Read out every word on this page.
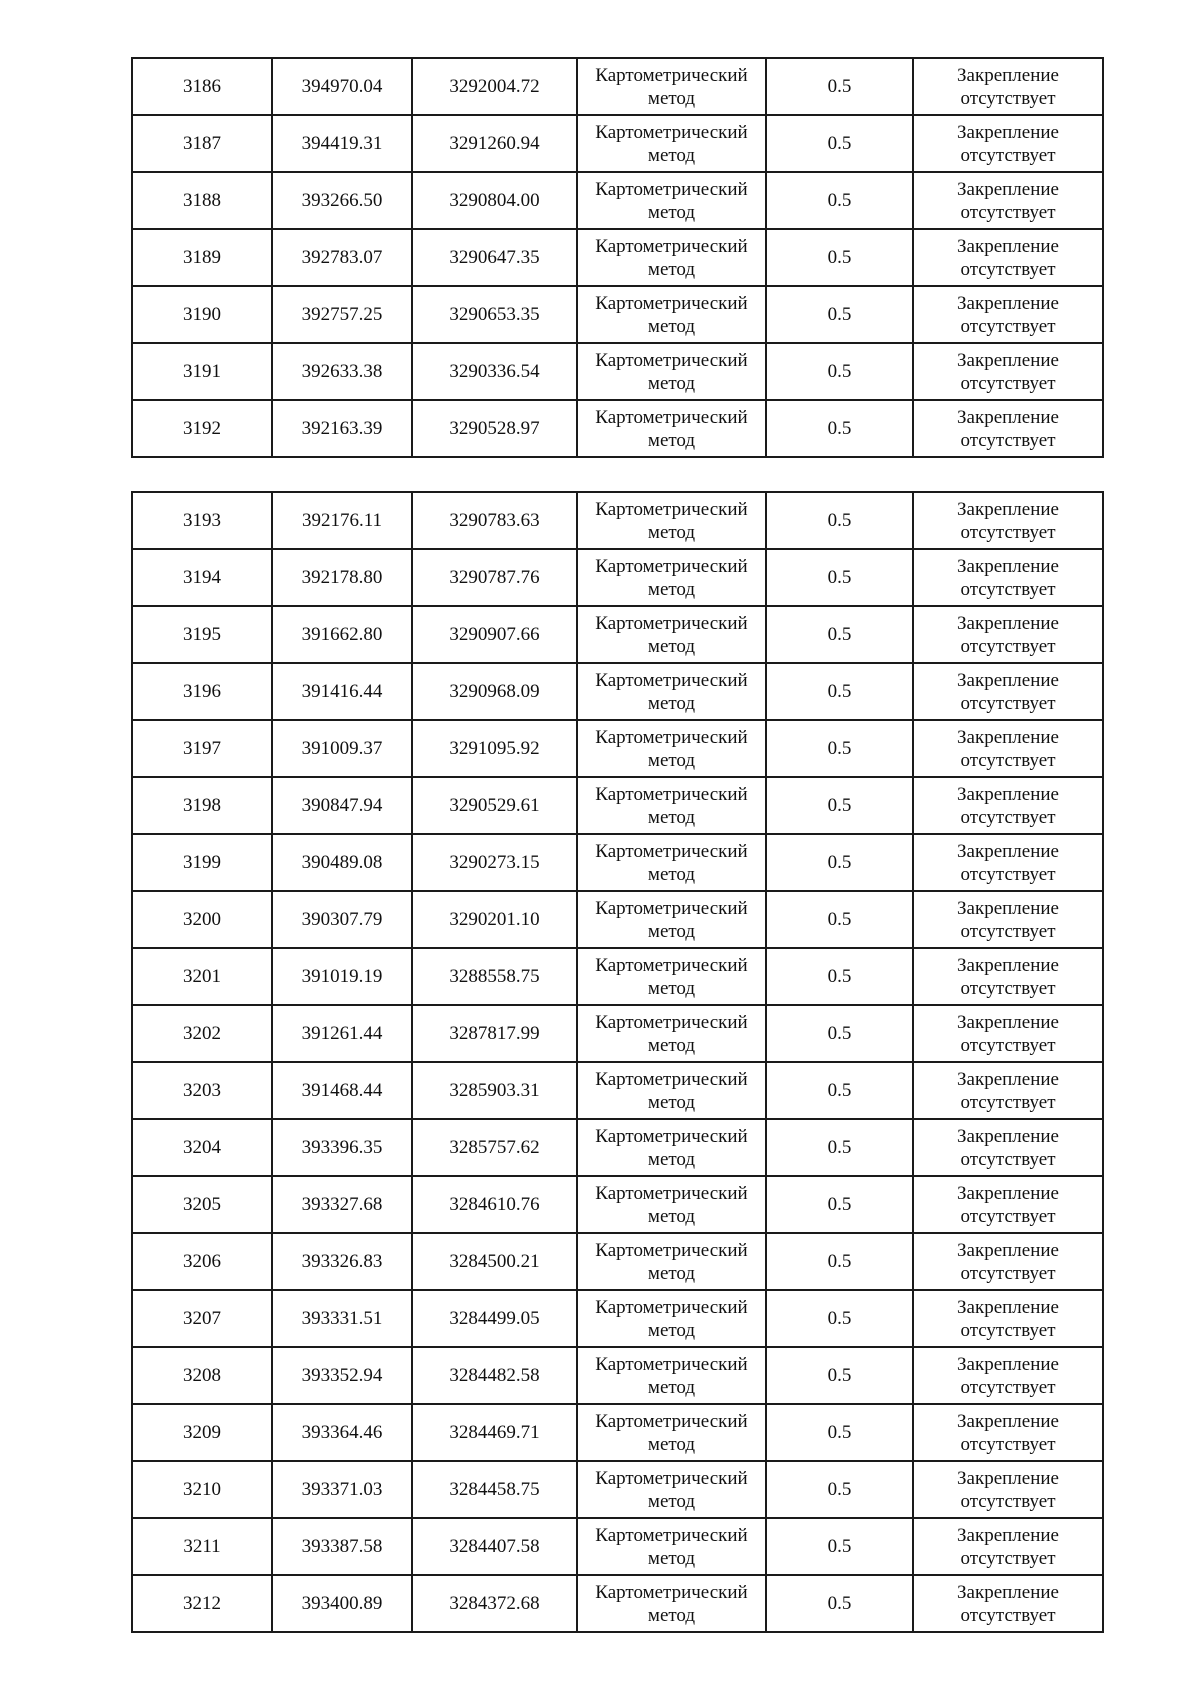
3186	394970.04	3292004.72	Картометрический
метод	0.5	Закрепление
отсутствует

3187	394419.31	3291260.94	Картометрический
метод	0.5	Закрепление
отсутствует

3188	393266.50	3290804.00	Картометрический
метод	0.5	Закрепление
отсутствует

3189	392783.07	3290647.35	Картометрический
метод	0.5	Закрепление
отсутствует

3190	392757.25	3290653.35	Картометрический
метод	0.5	Закрепление
отсутствует

3191	392633.38	3290336.54	Картометрический
метод	0.5	Закрепление
отсутствует

3192	392163.39	3290528.97	Картометрический
метод	0.5	Закрепление
отсутствует
3193	392176.11	3290783.63	Картометрический
метод	0.5	Закрепление
отсутствует

3194	392178.80	3290787.76	Картометрический
метод	0.5	Закрепление
отсутствует

3195	391662.80	3290907.66	Картометрический
метод	0.5	Закрепление
отсутствует

3196	391416.44	3290968.09	Картометрический
метод	0.5	Закрепление
отсутствует

3197	391009.37	3291095.92	Картометрический
метод	0.5	Закрепление
отсутствует

3198	390847.94	3290529.61	Картометрический
метод	0.5	Закрепление
отсутствует

3199	390489.08	3290273.15	Картометрический
метод	0.5	Закрепление
отсутствует

3200	390307.79	3290201.10	Картометрический
метод	0.5	Закрепление
отсутствует

3201	391019.19	3288558.75	Картометрический
метод	0.5	Закрепление
отсутствует

3202	391261.44	3287817.99	Картометрический
метод	0.5	Закрепление
отсутствует

3203	391468.44	3285903.31	Картометрический
метод	0.5	Закрепление
отсутствует

3204	393396.35	3285757.62	Картометрический
метод	0.5	Закрепление
отсутствует

3205	393327.68	3284610.76	Картометрический
метод	0.5	Закрепление
отсутствует

3206	393326.83	3284500.21	Картометрический
метод	0.5	Закрепление
отсутствует

3207	393331.51	3284499.05	Картометрический
метод	0.5	Закрепление
отсутствует

3208	393352.94	3284482.58	Картометрический
метод	0.5	Закрепление
отсутствует

3209	393364.46	3284469.71	Картометрический
метод	0.5	Закрепление
отсутствует

3210	393371.03	3284458.75	Картометрический
метод	0.5	Закрепление
отсутствует

3211	393387.58	3284407.58	Картометрический
метод	0.5	Закрепление
отсутствует

3212	393400.89	3284372.68	Картометрический
метод	0.5	Закрепление
отсутствует
